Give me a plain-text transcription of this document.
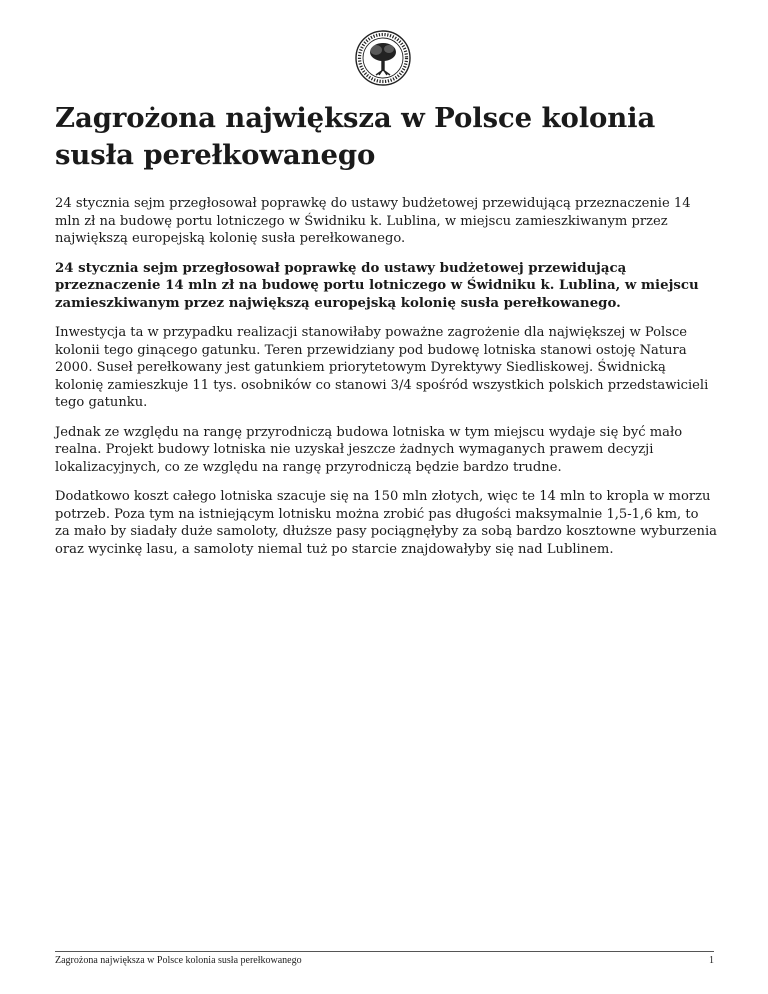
Zagrożona największa w Polsce kolonia susła perełkowanego

24 stycznia sejm przegłosował poprawkę do ustawy budżetowej przewidującą przeznaczenie 14 mln zł na budowę portu lotniczego w Świdniku k. Lublina, w miejscu zamieszkiwanym przez największą europejską kolonię susła perełkowanego.

24 stycznia sejm przegłosował poprawkę do ustawy budżetowej przewidującą przeznaczenie 14 mln zł na budowę portu lotniczego w Świdniku k. Lublina, w miejscu zamieszkiwanym przez największą europejską kolonię susła perełkowanego.

Inwestycja ta w przypadku realizacji stanowiłaby poważne zagrożenie dla największej w Polsce kolonii tego ginącego gatunku. Teren przewidziany pod budowę lotniska stanowi ostoję Natura 2000. Suseł perełkowany jest gatunkiem priorytetowym Dyrektywy Siedliskowej. Świdnicką kolonię zamieszkuje 11 tys. osobników co stanowi 3/4 spośród wszystkich polskich przedstawicieli tego gatunku.

Jednak ze względu na rangę przyrodniczą budowa lotniska w tym miejscu wydaje się być mało realna. Projekt budowy lotniska nie uzyskał jeszcze żadnych wymaganych prawem decyzji lokalizacyjnych, co ze względu na rangę przyrodniczą będzie bardzo trudne.

Dodatkowo koszt całego lotniska szacuje się na 150 mln złotych, więc te 14 mln to kropla w morzu potrzeb. Poza tym na istniejącym lotnisku można zrobić pas długości maksymalnie 1,5-1,6 km, to za mało by siadały duże samoloty, dłuższe pasy pociągnęłyby za sobą bardzo kosztowne wyburzenia oraz wycinkę lasu, a samoloty niemal tuż po starcie znajdowałyby się nad Lublinem.

Zagrożona największa w Polsce kolonia susła perełkowanego	1
